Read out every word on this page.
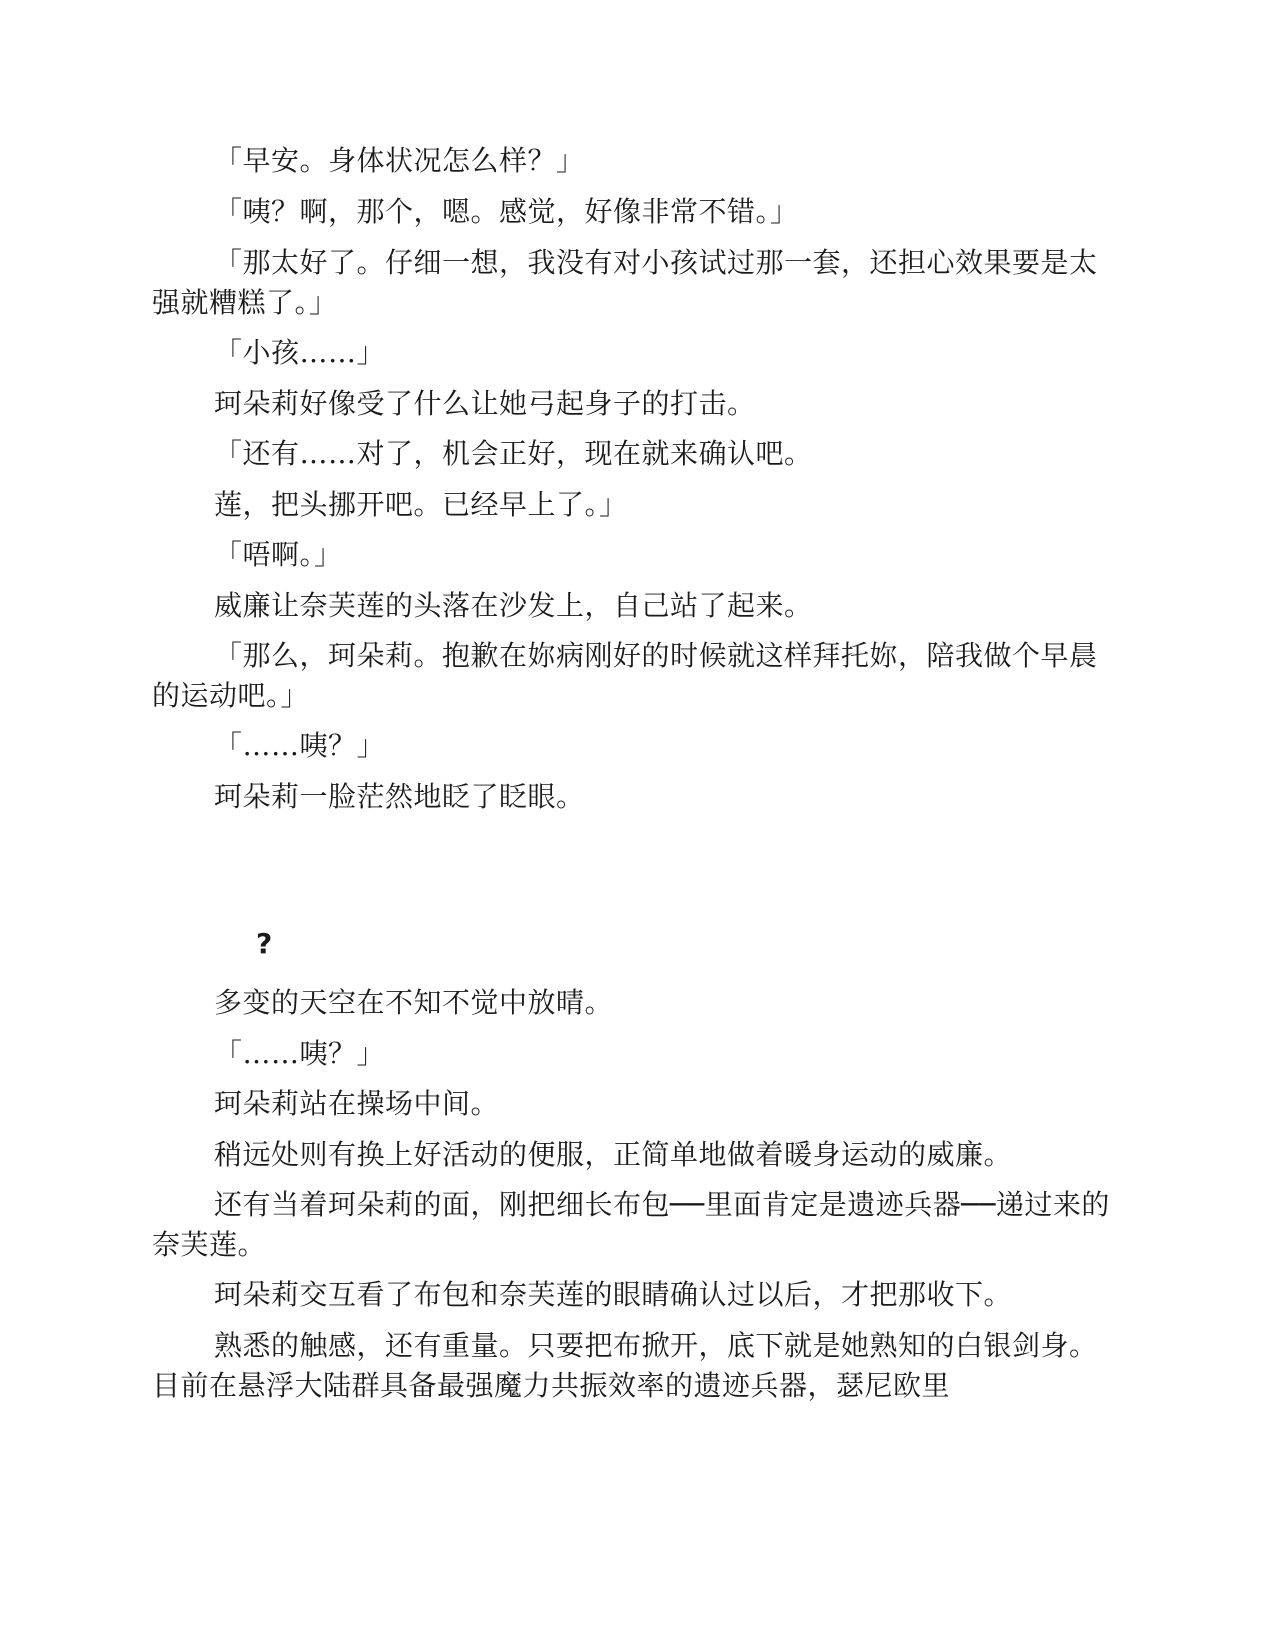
「早安。身体状况怎么样？」

「咦？啊，那个，嗯。感觉，好像非常不错。」

「那太好了。仔细一想，我没有对小孩试过那一套，还担心效果要是太强就糟糕了。」

「小孩……」

珂朵莉好像受了什么让她弓起身子的打击。

「还有……对了，机会正好，现在就来确认吧。

莲，把头挪开吧。已经早上了。」

「唔啊。」

威廉让奈芙莲的头落在沙发上，自己站了起来。

「那么，珂朵莉。抱歉在妳病刚好的时候就这样拜托妳，陪我做个早晨的运动吧。」

「……咦？」

珂朵莉一脸茫然地眨了眨眼。

?

多变的天空在不知不觉中放晴。

「……咦？」

珂朵莉站在操场中间。

稍远处则有换上好活动的便服，正简单地做着暖身运动的威廉。

还有当着珂朵莉的面，刚把细长布包──里面肯定是遗迹兵器──递过来的奈芙莲。

珂朵莉交互看了布包和奈芙莲的眼睛确认过以后，才把那收下。

熟悉的触感，还有重量。只要把布掀开，底下就是她熟知的白银剑身。目前在悬浮大陆群具备最强魔力共振效率的遗迹兵器，瑟尼欧里
